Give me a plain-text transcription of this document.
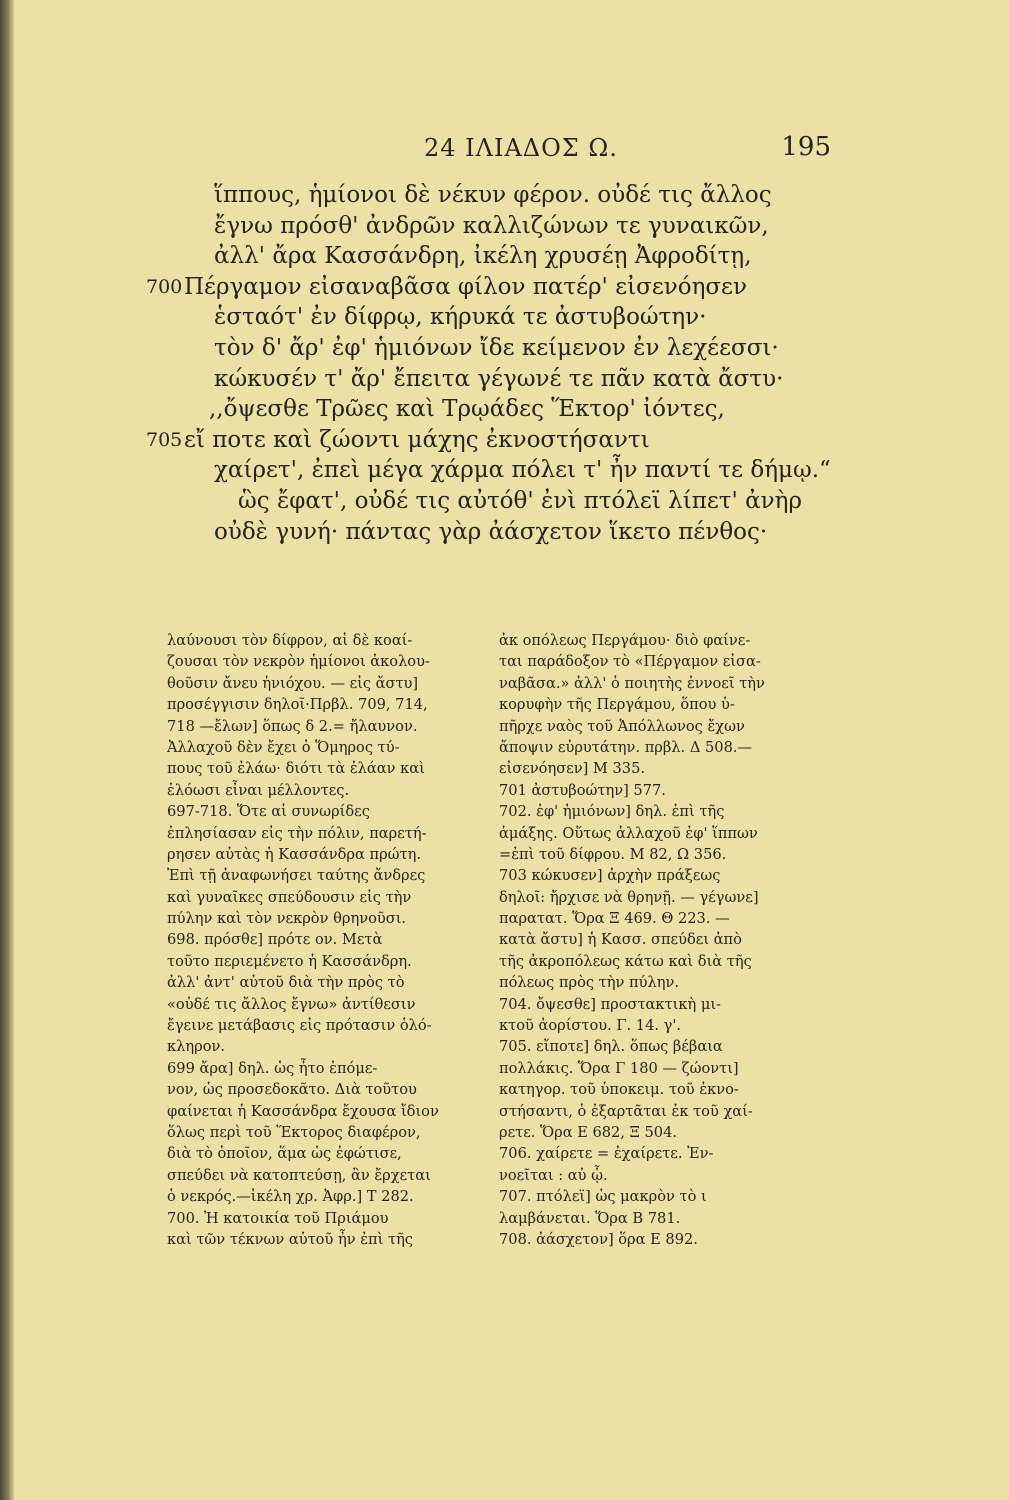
24 ΙΛΙΑΔΟΣ Ω.	195
ἵππους, ἡμίονοι δὲ νέκυν φέρον. οὐδέ τις ἄλλος
ἔγνω πρόσθ' ἀνδρῶν καλλιζώνων τε γυναικῶν,
ἀλλ' ἄρα Κασσάνδρη, ἰκέλη χρυσέῃ Ἀφροδίτῃ,
700 Πέργαμον εἰσαναβᾶσα φίλον πατέρ' εἰσενόησεν
ἑσταότ' ἐν δίφρῳ, κήρυκά τε ἀστυβοώτην·
τὸν δ' ἄρ' ἐφ' ἡμιόνων ἴδε κείμενον ἐν λεχέεσσι·
κώκυσέν τ' ἄρ' ἔπειτα γέγωνέ τε πᾶν κατὰ ἄστυ·
,,ὄψεσθε Τρῶες καὶ Τρῳάδες Ἕκτορ' ἰόντες,
705 εἴ ποτε καὶ ζώοντι μάχης ἐκνοστήσαντι
χαίρετ', ἐπεὶ μέγα χάρμα πόλει τ' ἦν παντί τε δήμῳ.“
ὣς ἔφατ', οὐδέ τις αὐτόθ' ἐνὶ πτόλεϊ λίπετ' ἀνὴρ
οὐδὲ γυνή· πάντας γὰρ ἀάσχετον ἵκετο πένθος·
λαύνουσι τὸν δίφρον, αἱ δὲ κοαί-
ζουσαι τὸν νεκρὸν ἡμίονοι ἀκολου-
θοῦσιν ἄνευ ἡνιόχου. — εἰς ἄστυ]
προσέγγισιν δηλοῖ·Πρβλ. 709, 714,
718 —ἔλων] ὅπως δ 2.= ἤλαυνον.
Ἀλλαχοῦ δὲν ἔχει ὁ Ὅμηρος τύ-
πους τοῦ ἐλάω· διότι τὰ ἐλάαν καὶ
ἐλόωσι εἶναι μέλλοντες.
697-718. Ὅτε αἱ συνωρίδες
ἐπλησίασαν εἰς τὴν πόλιν, παρετή-
ρησεν αὐτὰς ἡ Κασσάνδρα πρώτη.
Ἐπὶ τῇ ἀναφωνήσει ταύτης ἄνδρες
καὶ γυναῖκες σπεύδουσιν εἰς τὴν
πύλην καὶ τὸν νεκρὸν θρηνοῦσι.
698. πρόσθε] πρότε ον. Μετὰ
τοῦτο περιεμένετο ἡ Κασσάνδρη.
ἀλλ' ἀντ' αὐτοῦ διὰ τὴν πρὸς τὸ
«οὐδέ τις ἄλλος ἔγνω» ἀντίθεσιν
ἔγεινε μετάβασις εἰς πρότασιν ὁλό-
κληρον.
699 ἄρα] δηλ. ὡς ἦτο ἑπόμε-
νον, ὡς προσεδοκᾶτο. Διὰ τοῦτου
φαίνεται ἡ Κασσάνδρα ἔχουσα ἴδιον
ὅλως περὶ τοῦ Ἕκτορος διαφέρον,
διὰ τὸ ὁποῖον, ἅμα ὡς ἐφώτισε,
σπεύδει νὰ κατοπτεύσῃ, ἂν ἔρχεται
ὁ νεκρός.—ἰκέλη χρ. Ἀφρ.] Τ 282.
700. Ἡ κατοικία τοῦ Πριάμου
καὶ τῶν τέκνων αὐτοῦ ἦν ἐπὶ τῆς
ἀκ οπόλεως Περγάμου· διὸ φαίνε-
ται παράδοξον τὸ «Πέργαμον εἰσα-
ναβᾶσα.» ἀλλ' ὁ ποιητὴς ἐννοεῖ τὴν
κορυφὴν τῆς Περγάμου, ὅπου ὑ-
πῆρχε ναὸς τοῦ Ἀπόλλωνος ἔχων
ἄποψιν εὐρυτάτην. πρβλ. Δ 508.—
εἰσενόησεν] Μ 335.
701 ἀστυβοώτην] 577.
702. ἐφ' ἡμιόνων] δηλ. ἐπὶ τῆς
ἁμάξης. Οὕτως ἀλλαχοῦ ἐφ' ἵππων
=ἐπὶ τοῦ δίφρου. Μ 82, Ω 356.
703 κώκυσεν] ἀρχὴν πράξεως
δηλοῖ: ἤρχισε νὰ θρηνῇ. — γέγωνε]
παρατατ. Ὅρα Ξ 469. Θ 223. —
κατὰ ἄστυ] ἡ Κασσ. σπεύδει ἀπὸ
τῆς ἀκροπόλεως κάτω καὶ διὰ τῆς
πόλεως πρὸς τὴν πύλην.
704. ὄψεσθε] προστακτικὴ μι-
κτοῦ ἀορίστου. Γ. 14. γ'.
705. εἴποτε] δηλ. ὅπως βέβαια
πολλάκις. Ὅρα Γ 180 — ζώοντι]
κατηγορ. τοῦ ὑποκειμ. τοῦ ἐκνο-
στήσαντι, ὁ ἐξαρτᾶται ἐκ τοῦ χαί-
ρετε. Ὅρα Ε 682, Ξ 504.
706. χαίρετε = ἐχαίρετε. Ἐν-
νοεῖται : αὐ ᾧ.
707. πτόλεϊ] ὡς μακρὸν τὸ ι
λαμβάνεται. Ὅρα Β 781.
708. ἀάσχετον] ὅρα Ε 892.
